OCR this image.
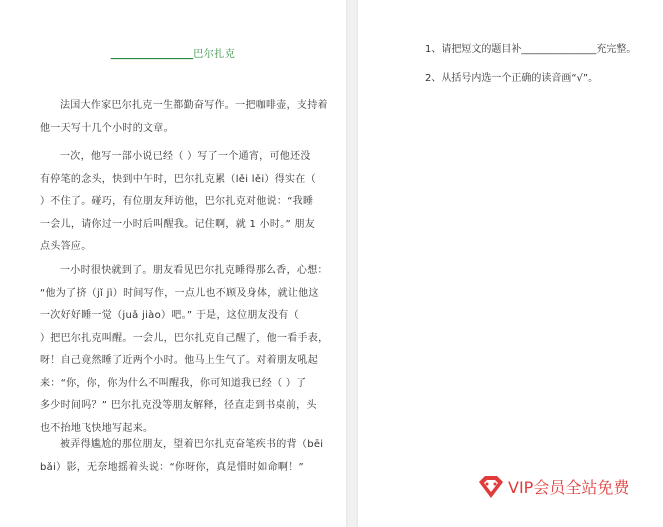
_______________巴尔扎克
法国大作家巴尔扎克一生都勤奋写作。一把咖啡壶，支持着
他一天写十几个小时的文章。
一次，他写一部小说已经（ ）写了一个通宵，可他还没
有停笔的念头，快到中午时，巴尔扎克累（lěi lěi）得实在（
）不住了。碰巧，有位朋友拜访他，巴尔扎克对他说：“我睡
一会儿，请你过一小时后叫醒我。记住啊，就 1 小时。” 朋友
点头答应。
一小时很快就到了。朋友看见巴尔扎克睡得那么香，心想：
“他为了挤（jǐ jì）时间写作，一点儿也不顾及身体，就让他这
一次好好睡一觉（juǎ jiào）吧。” 于是，这位朋友没有（
）把巴尔扎克叫醒。一会儿，巴尔扎克自己醒了，他一看手表，
呀！自己竟然睡了近两个小时。他马上生气了。对着朋友吼起
来：“你，你，你为什么不叫醒我，你可知道我已经（ ）了
多少时间吗？” 巴尔扎克没等朋友解释，径直走到书桌前，头
也不抬地飞快地写起来。
被弄得尴尬的那位朋友，望着巴尔扎克奋笔疾书的背（bēi
bǎi）影，无奈地摇着头说：“你呀你，真是惜时如命啊！”
1、请把短文的题目补_______________充完整。
2、从括号内选一个正确的读音画“√”。
VIP会员全站免费
